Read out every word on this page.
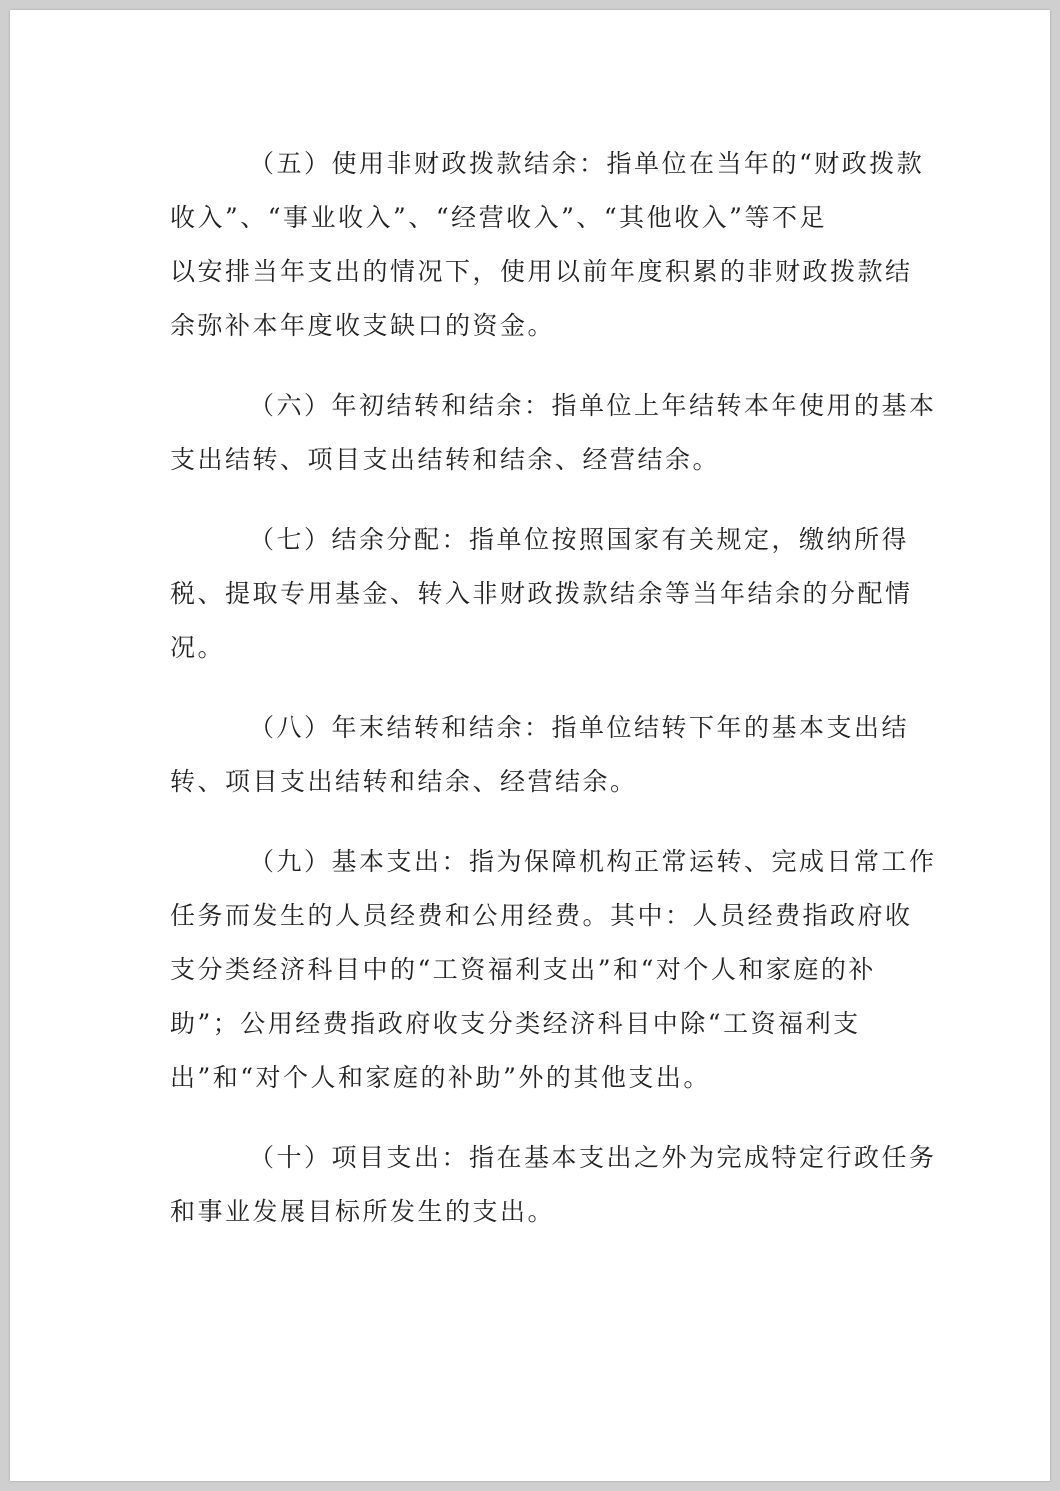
（五）使用非财政拨款结余：指单位在当年的“财政拨款
收入”、“事业收入”、“经营收入”、“其他收入”等不足
以安排当年支出的情况下，使用以前年度积累的非财政拨款结
余弥补本年度收支缺口的资金。

（六）年初结转和结余：指单位上年结转本年使用的基本
支出结转、项目支出结转和结余、经营结余。

（七）结余分配：指单位按照国家有关规定，缴纳所得
税、提取专用基金、转入非财政拨款结余等当年结余的分配情
况。

（八）年末结转和结余：指单位结转下年的基本支出结
转、项目支出结转和结余、经营结余。

（九）基本支出：指为保障机构正常运转、完成日常工作
任务而发生的人员经费和公用经费。其中：人员经费指政府收
支分类经济科目中的“工资福利支出”和“对个人和家庭的补
助”；公用经费指政府收支分类经济科目中除“工资福利支
出”和“对个人和家庭的补助”外的其他支出。

（十）项目支出：指在基本支出之外为完成特定行政任务
和事业发展目标所发生的支出。
